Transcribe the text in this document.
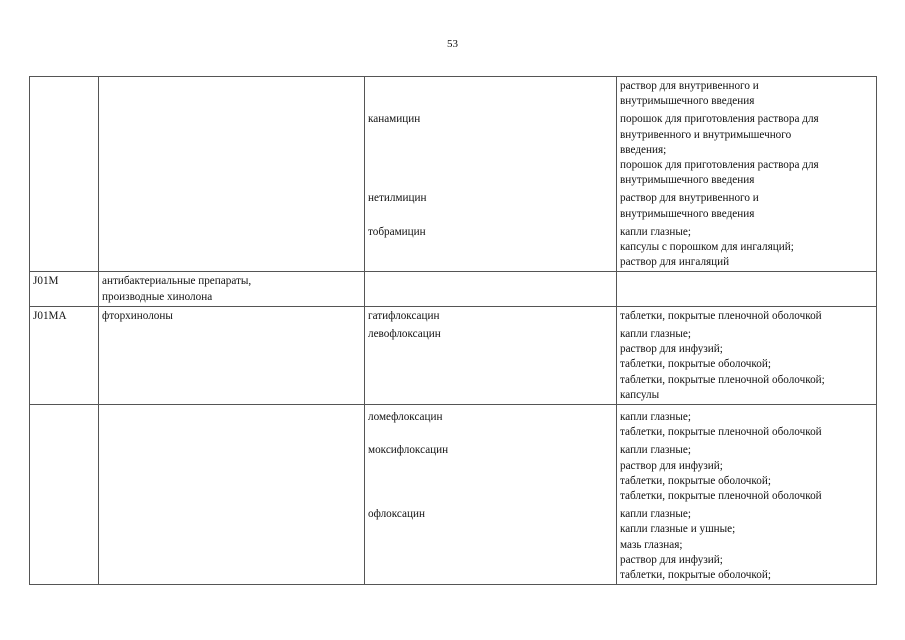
53

			раствор для внутривенного и
внутримышечного введения

		канамицин	порошок для приготовления раствора для
внутривенного и внутримышечного
введения;
порошок для приготовления раствора для
внутримышечного введения

		нетилмицин	раствор для внутривенного и
внутримышечного введения

		тобрамицин	капли глазные;
капсулы с порошком для ингаляций;
раствор для ингаляций

J01M	антибактериальные препараты,
производные хинолона		

J01MA	фторхинолоны	гатифлоксацин	таблетки, покрытые пленочной оболочкой

		левофлоксацин	капли глазные;
раствор для инфузий;
таблетки, покрытые оболочкой;
таблетки, покрытые пленочной оболочкой;
капсулы

		ломефлоксацин	капли глазные;
таблетки, покрытые пленочной оболочкой

		моксифлоксацин	капли глазные;
раствор для инфузий;
таблетки, покрытые оболочкой;
таблетки, покрытые пленочной оболочкой

		офлоксацин	капли глазные;
капли глазные и ушные;
мазь глазная;
раствор для инфузий;
таблетки, покрытые оболочкой;
